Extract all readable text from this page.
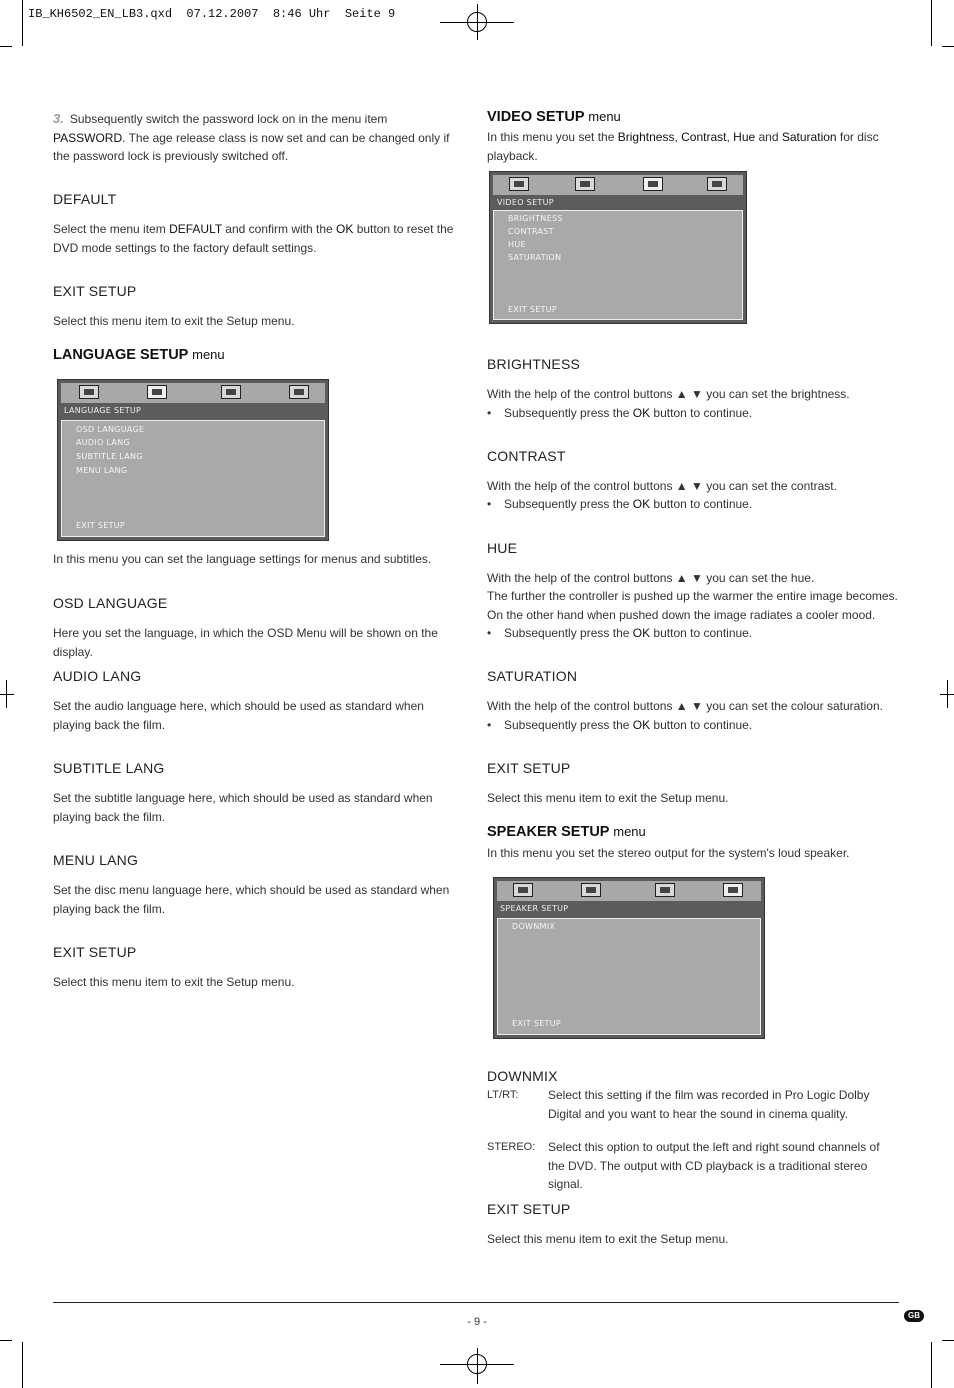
IB_KH6502_EN_LB3.qxd  07.12.2007  8:46 Uhr  Seite 9

3. Subsequently switch the password lock on in the menu item PASSWORD. The age release class is now set and can be changed only if the password lock is previously switched off.

DEFAULT

Select the menu item DEFAULT and confirm with the OK button to reset the DVD mode settings to the factory default settings.

EXIT SETUP

Select this menu item to exit the Setup menu.

LANGUAGE SETUP menu

LANGUAGE SETUP
OSD LANGUAGE
AUDIO LANG
SUBTITLE LANG
MENU LANG
EXIT SETUP

In this menu you can set the language settings for menus and subtitles.

OSD LANGUAGE

Here you set the language, in which the OSD Menu will be shown on the display.

AUDIO LANG

Set the audio language here, which should be used as standard when playing back the film.

SUBTITLE LANG

Set the subtitle language here, which should be used as standard when playing back the film.

MENU LANG

Set the disc menu language here, which should be used as standard when playing back the film.

EXIT SETUP

Select this menu item to exit the Setup menu.

VIDEO SETUP menu

In this menu you set the Brightness, Contrast, Hue and Saturation for disc playback.

VIDEO SETUP
BRIGHTNESS
CONTRAST
HUE
SATURATION
EXIT SETUP

BRIGHTNESS

With the help of the control buttons ▲ ▼ you can set the brightness.

•	Subsequently press the OK button to continue.

CONTRAST

With the help of the control buttons ▲ ▼ you can set the contrast.

•	Subsequently press the OK button to continue.

HUE

With the help of the control buttons ▲ ▼ you can set the hue.

The further the controller is pushed up the warmer the entire image becomes.

On the other hand when pushed down the image radiates a cooler mood.

•	Subsequently press the OK button to continue.

SATURATION

With the help of the control buttons ▲ ▼ you can set the colour saturation.

•	Subsequently press the OK button to continue.

EXIT SETUP

Select this menu item to exit the Setup menu.

SPEAKER SETUP menu

In this menu you set the stereo output for the system's loud speaker.

SPEAKER SETUP
DOWNMIX
EXIT SETUP

DOWNMIX

LT/RT:	Select this setting if the film was recorded in Pro Logic Dolby Digital and you want to hear the sound in cinema quality.
STEREO:	Select this option to output the left and right sound channels of the DVD. The output with CD playback is a traditional stereo signal.

EXIT SETUP

Select this menu item to exit the Setup menu.

- 9 -
GB
